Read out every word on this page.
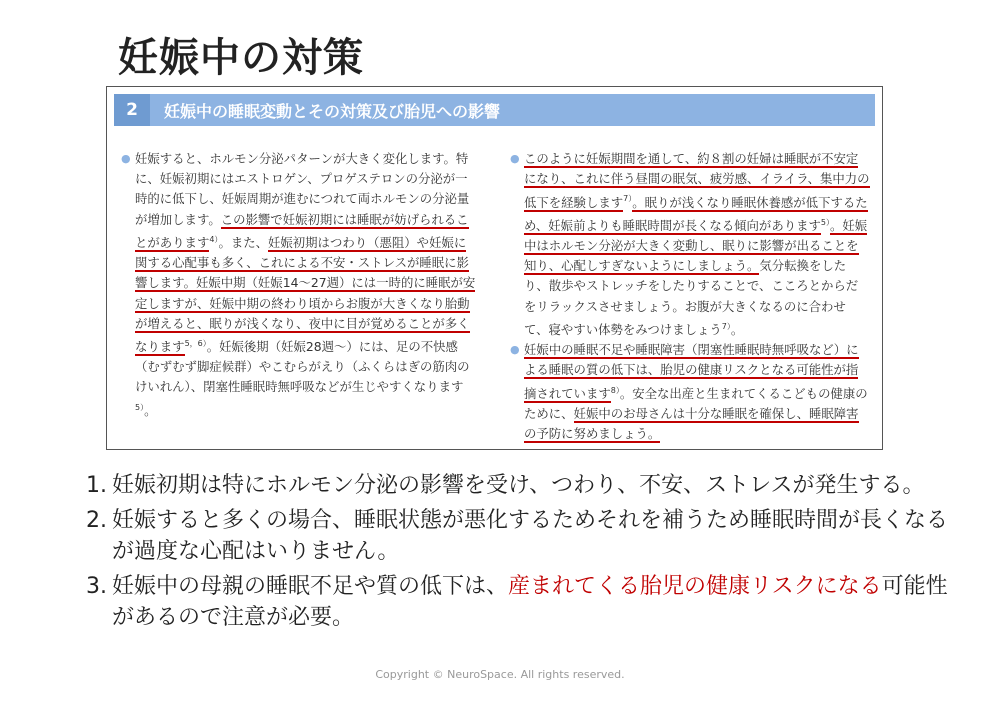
妊娠中の対策
2	妊娠中の睡眠変動とその対策及び胎児への影響
● 妊娠すると、ホルモン分泌パターンが大きく変化します。特に、妊娠初期にはエストロゲン、プロゲステロンの分泌が一時的に低下し、妊娠周期が進むにつれて両ホルモンの分泌量が増加します。この影響で妊娠初期には睡眠が妨げられることがあります$^{4)}$。また、妊娠初期はつわり（悪阻）や妊娠に関する心配事も多く、これによる不安・ストレスが睡眠に影響します。妊娠中期（妊娠14〜27週）には一時的に睡眠が安定しますが、妊娠中期の終わり頃からお腹が大きくなり胎動が増えると、眠りが浅くなり、夜中に目が覚めることが多くなります$^{5,6)}$。妊娠後期（妊娠28週〜）には、足の不快感（むずむず脚症候群）やこむらがえり（ふくらはぎの筋肉のけいれん）、閉塞性睡眠時無呼吸などが生じやすくなります$^{5)}$。
● このように妊娠期間を通して、約８割の妊婦は睡眠が不安定になり、これに伴う昼間の眠気、疲労感、イライラ、集中力の低下を経験します$^{7)}$。眠りが浅くなり睡眠休養感が低下するため、妊娠前よりも睡眠時間が長くなる傾向があります$^{5)}$。妊娠中はホルモン分泌が大きく変動し、眠りに影響が出ることを知り、心配しすぎないようにしましょう。気分転換をしたり、散歩やストレッチをしたりすることで、こころとからだをリラックスさせましょう。お腹が大きくなるのに合わせて、寝やすい体勢をみつけましょう$^{7)}$。
● 妊娠中の睡眠不足や睡眠障害（閉塞性睡眠時無呼吸など）による睡眠の質の低下は、胎児の健康リスクとなる可能性が指摘されています$^{8)}$。安全な出産と生まれてくるこどもの健康のために、妊娠中のお母さんは十分な睡眠を確保し、睡眠障害の予防に努めましょう。
1. 妊娠初期は特にホルモン分泌の影響を受け、つわり、不安、ストレスが発生する。
2. 妊娠すると多くの場合、睡眠状態が悪化するためそれを補うため睡眠時間が長くなるが過度な心配はいりません。
3. 妊娠中の母親の睡眠不足や質の低下は、産まれてくる胎児の健康リスクになる可能性があるので注意が必要。
Copyright © NeuroSpace. All rights reserved.
